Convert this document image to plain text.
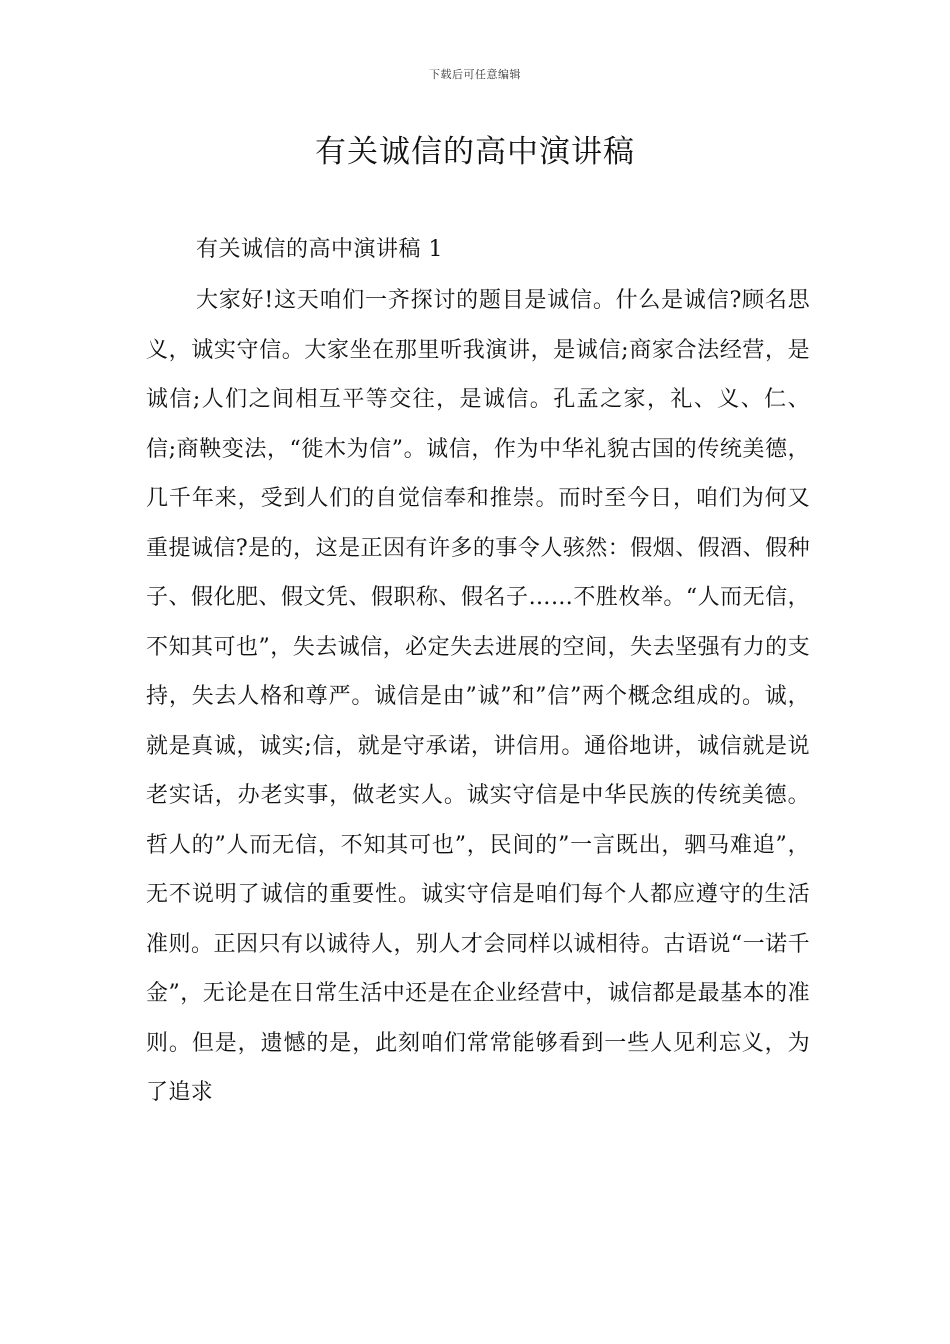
下载后可任意编辑
有关诚信的高中演讲稿
有关诚信的高中演讲稿 1

大家好!这天咱们一齐探讨的题目是诚信。什么是诚信?顾名思义，诚实守信。大家坐在那里听我演讲，是诚信;商家合法经营，是诚信;人们之间相互平等交往，是诚信。孔孟之家，礼、义、仁、信;商鞅变法，“徙木为信”。诚信，作为中华礼貌古国的传统美德，几千年来，受到人们的自觉信奉和推崇。而时至今日，咱们为何又重提诚信?是的，这是正因有许多的事令人骇然：假烟、假酒、假种子、假化肥、假文凭、假职称、假名子……不胜枚举。“人而无信，不知其可也”，失去诚信，必定失去进展的空间，失去坚强有力的支持，失去人格和尊严。诚信是由”诚”和”信”两个概念组成的。诚，就是真诚，诚实;信，就是守承诺，讲信用。通俗地讲，诚信就是说老实话，办老实事，做老实人。诚实守信是中华民族的传统美德。哲人的”人而无信，不知其可也”，民间的”一言既出，驷马难追”，无不说明了诚信的重要性。诚实守信是咱们每个人都应遵守的生活准则。正因只有以诚待人，别人才会同样以诚相待。古语说“一诺千金”，无论是在日常生活中还是在企业经营中，诚信都是最基本的准则。但是，遗憾的是，此刻咱们常常能够看到一些人见利忘义，为了追求
